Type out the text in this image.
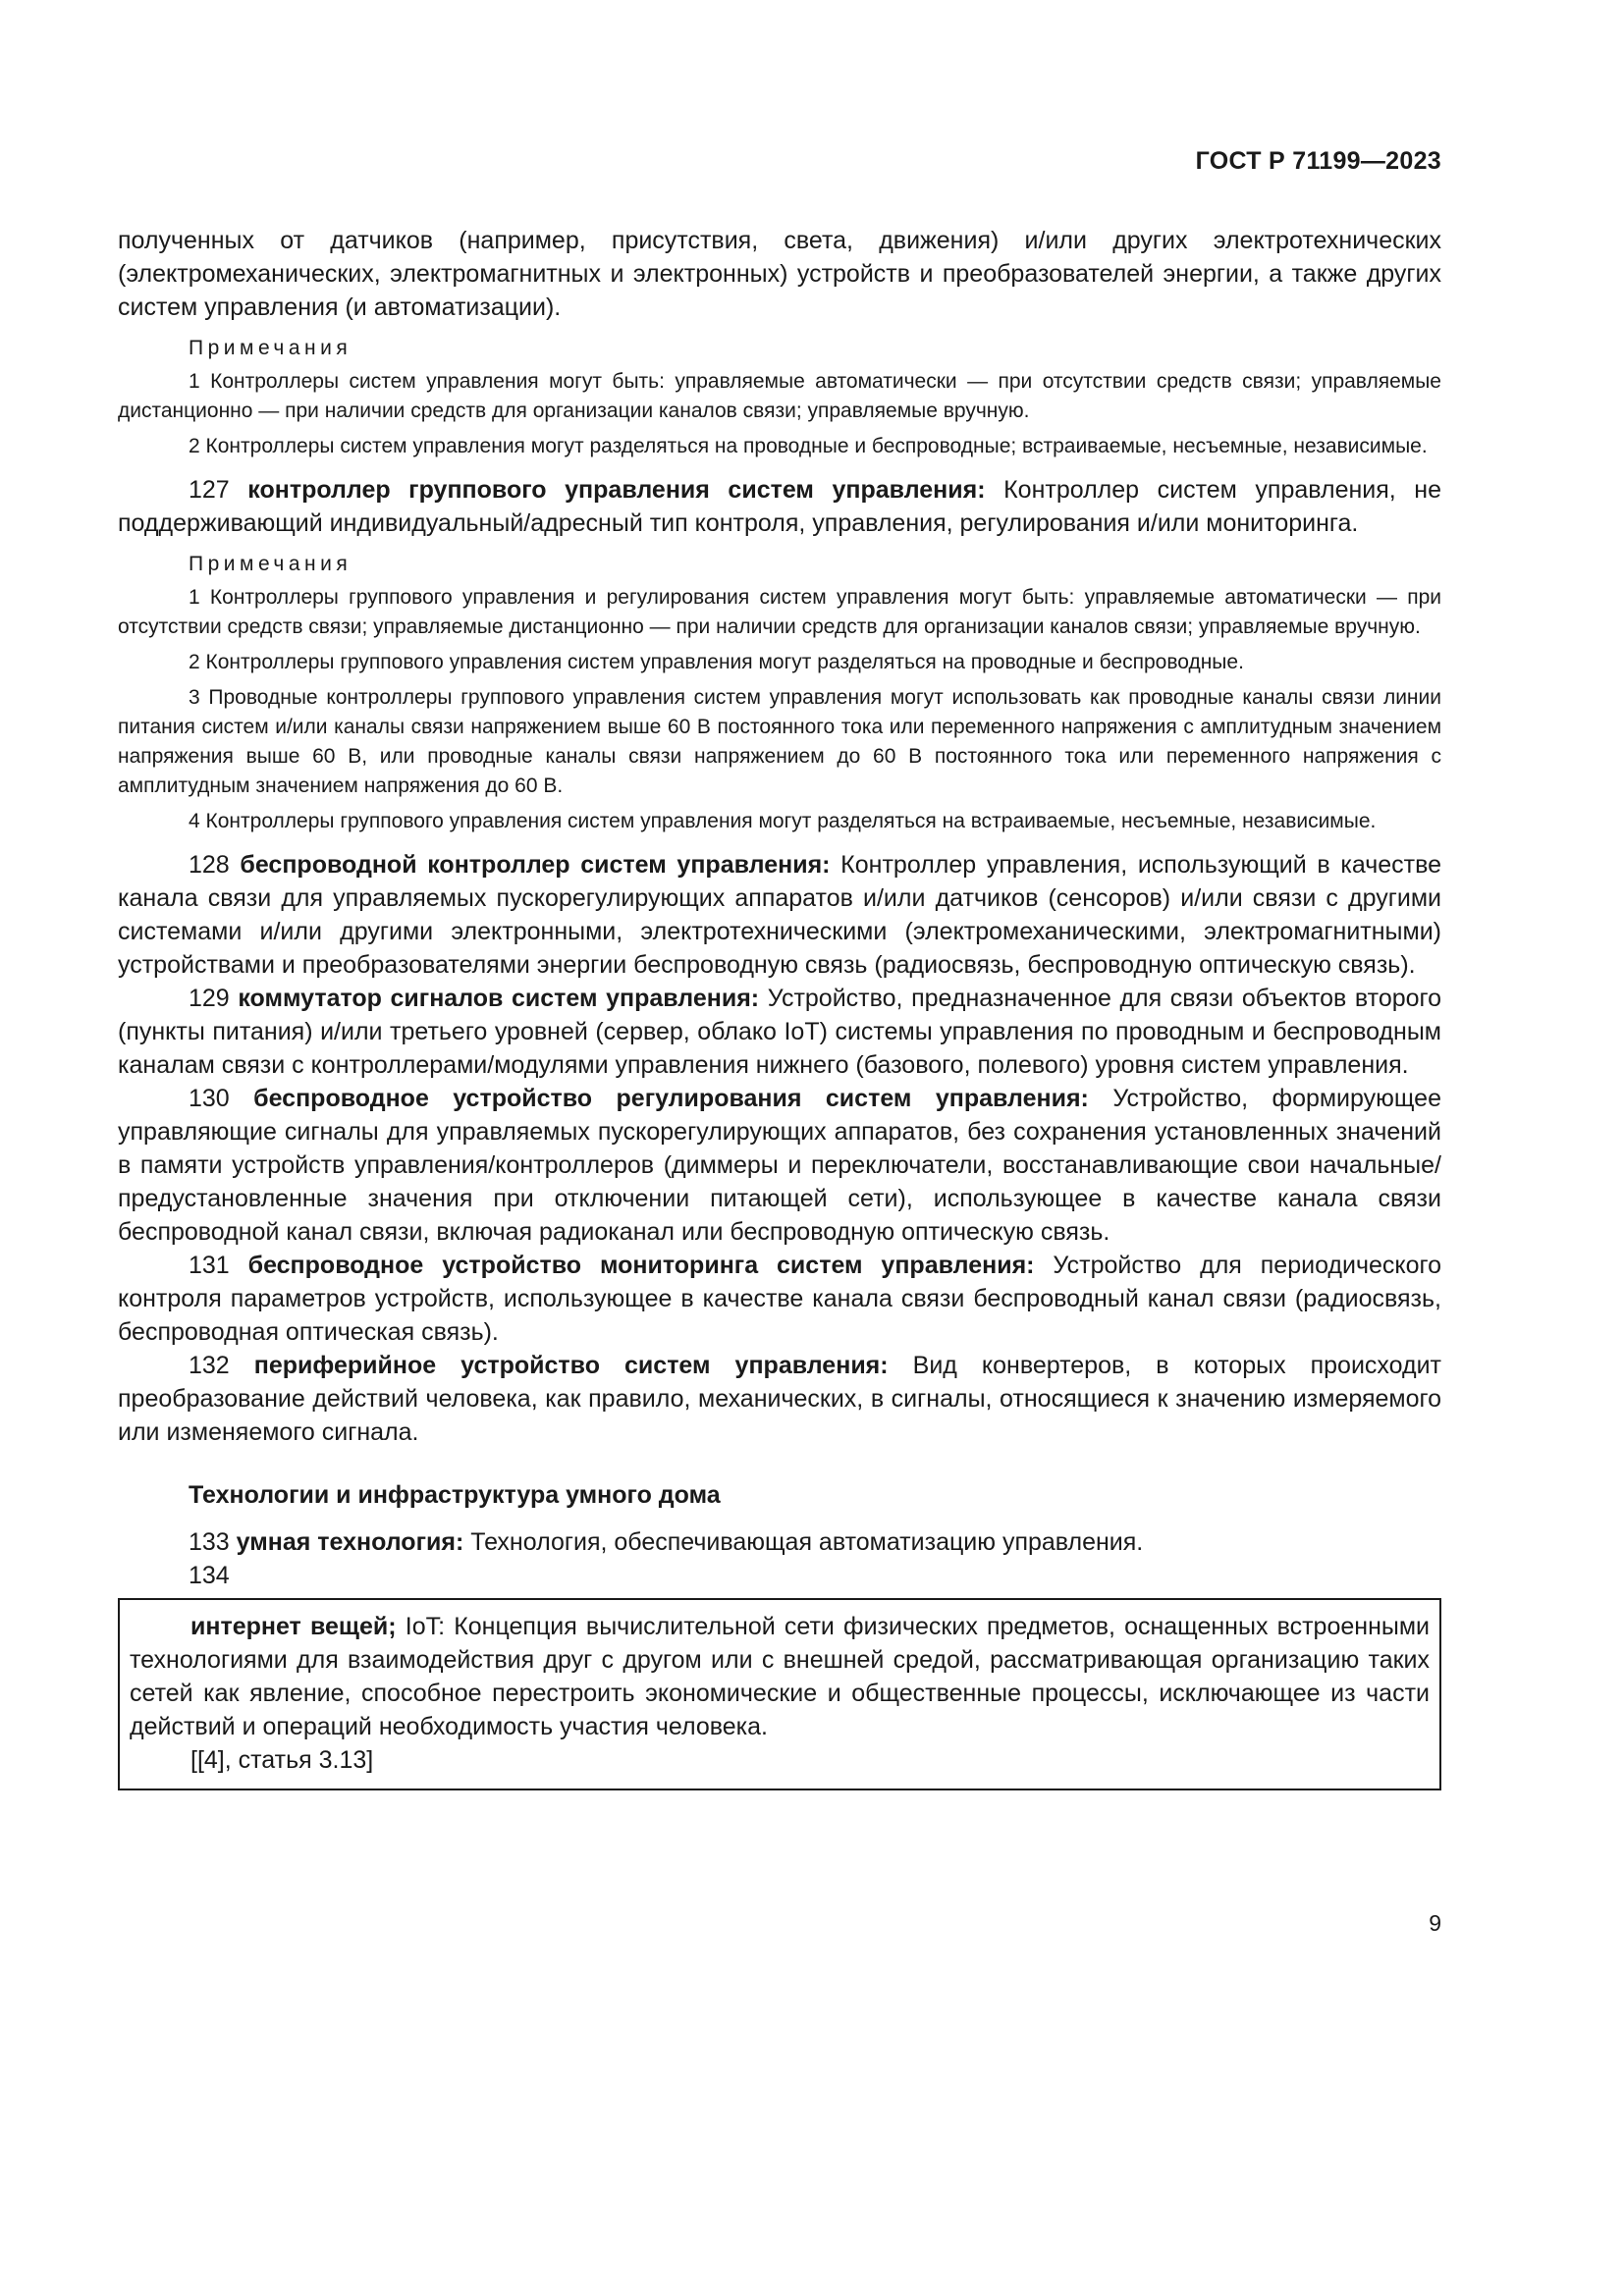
ГОСТ Р 71199—2023

полученных от датчиков (например, присутствия, света, движения) и/или других электротехнических (электромеханических, электромагнитных и электронных) устройств и преобразователей энергии, а также других систем управления (и автоматизации).

Примечания

1 Контроллеры систем управления могут быть: управляемые автоматически — при отсутствии средств связи; управляемые дистанционно — при наличии средств для организации каналов связи; управляемые вручную.

2 Контроллеры систем управления могут разделяться на проводные и беспроводные; встраиваемые, несъемные, независимые.

127 контроллер группового управления систем управления: Контроллер систем управления, не поддерживающий индивидуальный/адресный тип контроля, управления, регулирования и/или мониторинга.

Примечания

1 Контроллеры группового управления и регулирования систем управления могут быть: управляемые автоматически — при отсутствии средств связи; управляемые дистанционно — при наличии средств для организации каналов связи; управляемые вручную.

2 Контроллеры группового управления систем управления могут разделяться на проводные и беспроводные.

3 Проводные контроллеры группового управления систем управления могут использовать как проводные каналы связи линии питания систем и/или каналы связи напряжением выше 60 В постоянного тока или переменного напряжения с амплитудным значением напряжения выше 60 В, или проводные каналы связи напряжением до 60 В постоянного тока или переменного напряжения с амплитудным значением напряжения до 60 В.

4 Контроллеры группового управления систем управления могут разделяться на встраиваемые, несъемные, независимые.

128 беспроводной контроллер систем управления: Контроллер управления, использующий в качестве канала связи для управляемых пускорегулирующих аппаратов и/или датчиков (сенсоров) и/или связи с другими системами и/или другими электронными, электротехническими (электромеханическими, электромагнитными) устройствами и преобразователями энергии беспроводную связь (радиосвязь, беспроводную оптическую связь).

129 коммутатор сигналов систем управления: Устройство, предназначенное для связи объектов второго (пункты питания) и/или третьего уровней (сервер, облако IoT) системы управления по проводным и беспроводным каналам связи с контроллерами/модулями управления нижнего (базового, полевого) уровня систем управления.

130 беспроводное устройство регулирования систем управления: Устройство, формирующее управляющие сигналы для управляемых пускорегулирующих аппаратов, без сохранения установленных значений в памяти устройств управления/контроллеров (диммеры и переключатели, восстанавливающие свои начальные/предустановленные значения при отключении питающей сети), использующее в качестве канала связи беспроводной канал связи, включая радиоканал или беспроводную оптическую связь.

131 беспроводное устройство мониторинга систем управления: Устройство для периодического контроля параметров устройств, использующее в качестве канала связи беспроводный канал связи (радиосвязь, беспроводная оптическая связь).

132 периферийное устройство систем управления: Вид конвертеров, в которых происходит преобразование действий человека, как правило, механических, в сигналы, относящиеся к значению измеряемого или изменяемого сигнала.

Технологии и инфраструктура умного дома

133 умная технология: Технология, обеспечивающая автоматизацию управления.

134

интернет вещей; IoT: Концепция вычислительной сети физических предметов, оснащенных встроенными технологиями для взаимодействия друг с другом или с внешней средой, рассматривающая организацию таких сетей как явление, способное перестроить экономические и общественные процессы, исключающее из части действий и операций необходимость участия человека.

[[4], статья 3.13]
9
